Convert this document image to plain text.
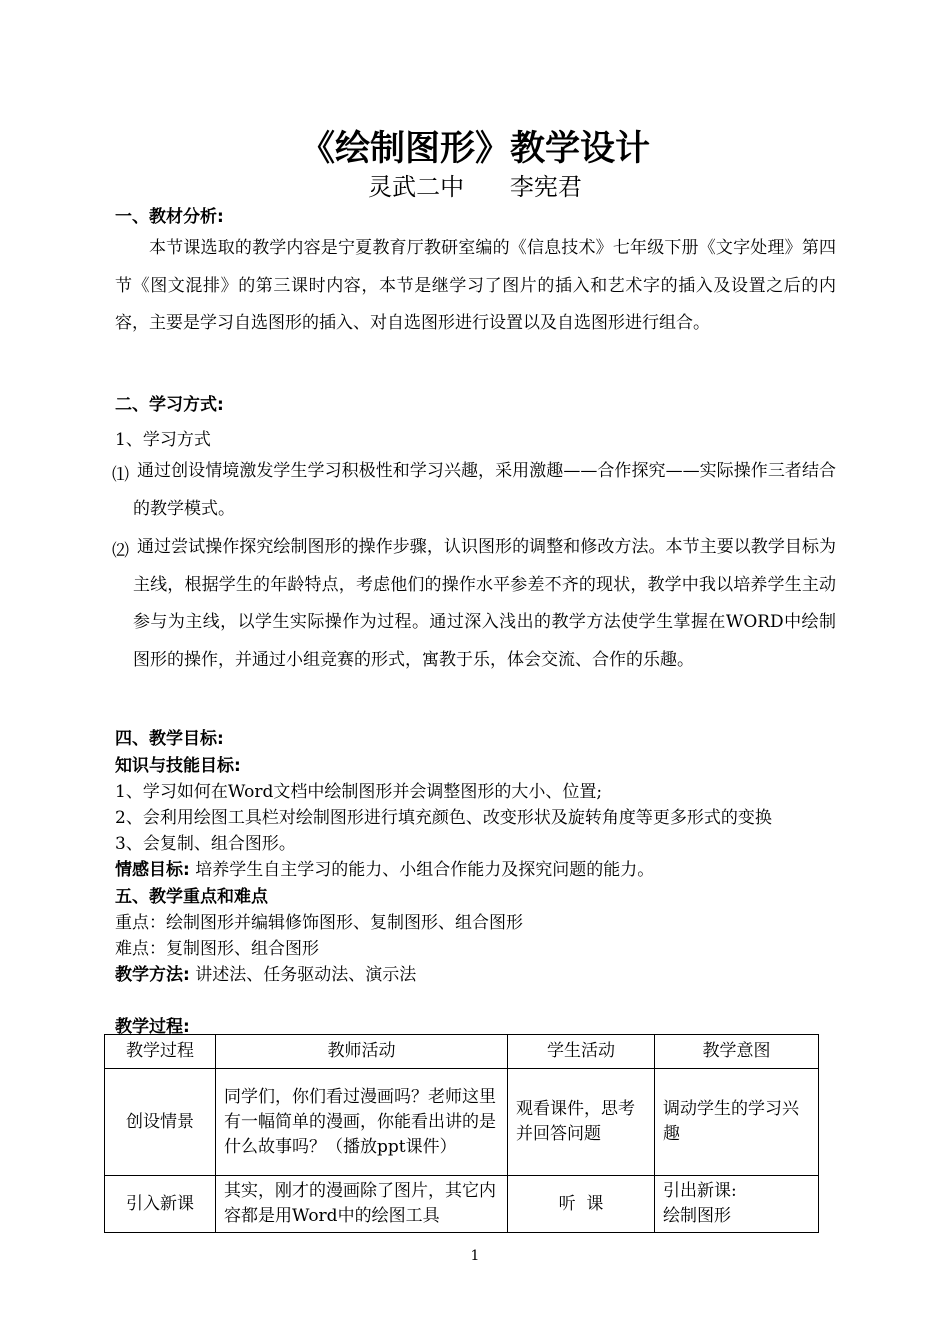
《绘制图形》教学设计
灵武二中      李宪君
一、教材分析:
本节课选取的教学内容是宁夏教育厅教研室编的《信息技术》七年级下册《文字处理》第四节《图文混排》的第三课时内容，本节是继学习了图片的插入和艺术字的插入及设置之后的内容，主要是学习自选图形的插入、对自选图形进行设置以及自选图形进行组合。
二、学习方式:
1、学习方式
⑴ 通过创设情境激发学生学习积极性和学习兴趣，采用激趣——合作探究——实际操作三者结合的教学模式。
⑵ 通过尝试操作探究绘制图形的操作步骤，认识图形的调整和修改方法。本节主要以教学目标为主线，根据学生的年龄特点，考虑他们的操作水平参差不齐的现状，教学中我以培养学生主动参与为主线，以学生实际操作为过程。通过深入浅出的教学方法使学生掌握在WORD中绘制图形的操作，并通过小组竞赛的形式，寓教于乐，体会交流、合作的乐趣。
四、教学目标:
知识与技能目标:
1、学习如何在Word文档中绘制图形并会调整图形的大小、位置;
2、会利用绘图工具栏对绘制图形进行填充颜色、改变形状及旋转角度等更多形式的变换
3、会复制、组合图形。
情感目标: 培养学生自主学习的能力、小组合作能力及探究问题的能力。
五、教学重点和难点
重点：绘制图形并编辑修饰图形、复制图形、组合图形
难点：复制图形、组合图形
教学方法: 讲述法、任务驱动法、演示法
教学过程:
教学过程	教师活动	学生活动	教学意图
创设情景	同学们，你们看过漫画吗？老师这里有一幅简单的漫画，你能看出讲的是什么故事吗？（播放ppt课件）	观看课件，思考并回答问题	调动学生的学习兴趣
引入新课	其实，刚才的漫画除了图片，其它内容都是用Word中的绘图工具	听  课	引出新课:
绘制图形
1
